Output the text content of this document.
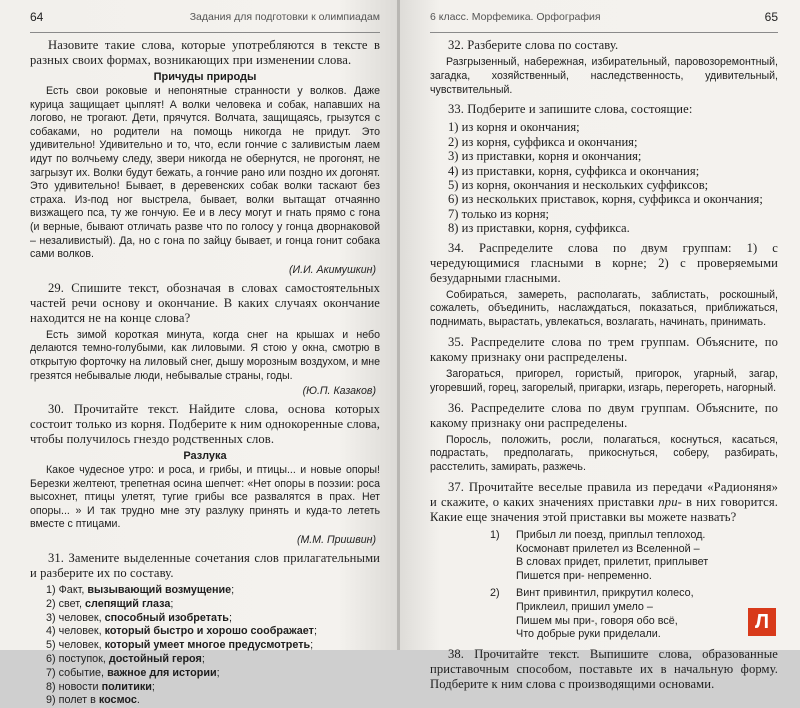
64	Задания для подготовки к олимпиадам

Назовите такие слова, которые употребляются в тексте в разных своих формах, возникающих при изменении слова.

Причуды природы

Есть свои роковые и непонятные странности у волков. Даже курица защищает цыплят! А волки человека и собак, напавших на логово, не трогают. Дети, прячутся. Волчата, защищаясь, грызутся с собаками, но родители на помощь никогда не придут. Это удивительно! Удивительно и то, что, если гончие с заливистым лаем идут по волчьему следу, звери никогда не обернутся, не прогонят, не загрызут их. Волки будут бежать, а гончие рано или поздно их догонят. Это удивительно! Бывает, в деревенских собак волки таскают без страха. Из-под ног выстрела, бывает, волки вытащат отчаянно визжащего пса, ту же гончую. Ее и в лесу могут и гнать прямо с гона (и верные, бывают отличать разве что по голосу у гонца дворнаковой – незаливистый). Да, но с гона по зайцу бывает, и гонца гонит собака сами волков.

(И.И. Акимушкин)

29. Спишите текст, обозначая в словах самостоятельных частей речи основу и окончание. В каких случаях окончание находится не на конце слова?

Есть зимой короткая минута, когда снег на крышах и небо делаются темно-голубыми, как лиловыми. Я стою у окна, смотрю в открытую форточку на лиловый снег, дышу морозным воздухом, и мне грезятся небывалые люди, небывалые страны, годы.

(Ю.П. Казаков)

30. Прочитайте текст. Найдите слова, основа которых состоит только из корня. Подберите к ним однокоренные слова, чтобы получилось гнездо родственных слов.

Разлука

Какое чудесное утро: и роса, и грибы, и птицы... и новые опоры! Березки желтеют, трепетная осина шепчет: «Нет опоры в поэзии: роса высохнет, птицы улетят, тугие грибы все развалятся в прах. Нет опоры... » И так трудно мне эту разлуку принять и куда-то лететь вместе с птицами.

(М.М. Пришвин)

31. Замените выделенные сочетания слов прилагательными и разберите их по составу.

1) Факт, вызывающий возмущение;
2) свет, слепящий глаза;
3) человек, способный изобретать;
4) человек, который быстро и хорошо соображает;
5) человек, который умеет многое предусмотреть;
6) поступок, достойный героя;
7) событие, важное для истории;
8) новости политики;
9) полет в космос.
6 класс. Морфемика. Орфография	65

32. Разберите слова по составу.

Разгрызенный, набережная, избирательный, паровозоремонтный, загадка, хозяйственный, наследственность, удивительный, чувствительный.

33. Подберите и запишите слова, состоящие:

1) из корня и окончания;
2) из корня, суффикса и окончания;
3) из приставки, корня и окончания;
4) из приставки, корня, суффикса и окончания;
5) из корня, окончания и нескольких суффиксов;
6) из нескольких приставок, корня, суффикса и окончания;
7) только из корня;
8) из приставки, корня, суффикса.

34. Распределите слова по двум группам: 1) с чередующимися гласными в корне; 2) с проверяемыми безударными гласными.

Собираться, замереть, располагать, заблистать, роскошный, сожалеть, объединить, наслаждаться, показаться, приближаться, поднимать, вырастать, увлекаться, возлагать, начинать, принимать.

35. Распределите слова по трем группам. Объясните, по какому признаку они распределены.

Загораться, пригорел, гористый, пригорок, угарный, загар, угоревший, горец, загорелый, пригарки, изгарь, перегореть, нагорный.

36. Распределите слова по двум группам. Объясните, по какому признаку они распределены.

Поросль, положить, росли, полагаться, коснуться, касаться, подрастать, предполагать, прикоснуться, соберу, разбирать, расстелить, замирать, разжечь.

37. Прочитайте веселые правила из передачи «Радионяня» и скажите, о каких значениях приставки при- в них говорится. Какие еще значения этой приставки вы можете назвать?

1)	Прибыл ли поезд, приплыл теплоход.
Космонавт прилетел из Вселенной –
В словах придет, прилетит, приплывет
Пишется при- непременно.
2)	Винт привинтил, прикрутил колесо,
Приклеил, пришил умело –
Пишем мы при-, говоря обо всё,
Что добрые руки приделали.

38. Прочитайте текст. Выпишите слова, образованные приставочным способом, поставьте их в начальную форму. Подберите к ним слова с производящими основами.

Л
